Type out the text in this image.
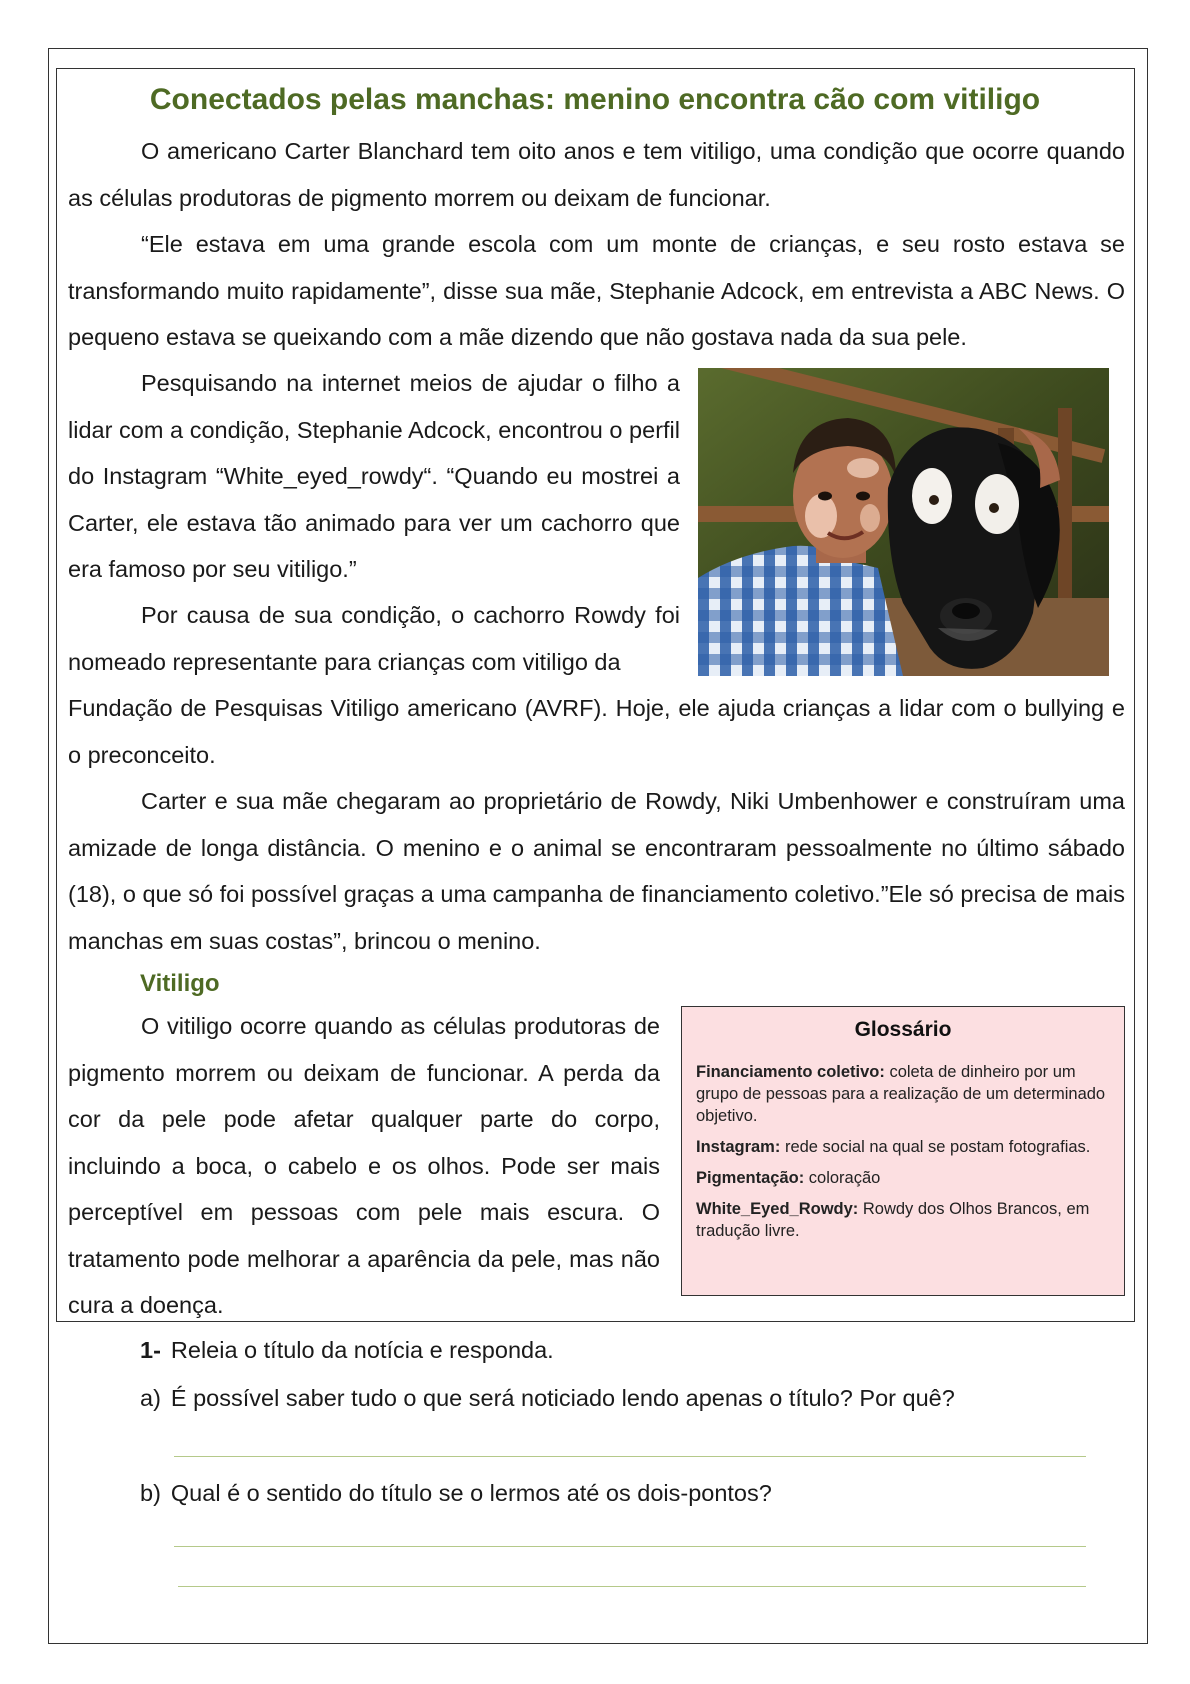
Conectados pelas manchas: menino encontra cão com vitiligo

O americano Carter Blanchard tem oito anos e tem vitiligo, uma condição que ocorre quando as células produtoras de pigmento morrem ou deixam de funcionar.

“Ele estava em uma grande escola com um monte de crianças, e seu rosto estava se transformando muito rapidamente”, disse sua mãe, Stephanie Adcock, em entrevista a ABC News. O pequeno estava se queixando com a mãe dizendo que não gostava nada da sua pele.

Pesquisando na internet meios de ajudar o filho a lidar com a condição, Stephanie Adcock, encontrou o perfil do Instagram “White_eyed_rowdy“. “Quando eu mostrei a Carter, ele estava tão animado para ver um cachorro que era famoso por seu vitiligo.”

Por causa de sua condição, o cachorro Rowdy foi nomeado representante para crianças com vitiligo da

Fundação de Pesquisas Vitiligo americano (AVRF). Hoje, ele ajuda crianças a lidar com o bullying e o preconceito.

Vitiligo

O vitiligo ocorre quando as células produtoras de pigmento morrem ou deixam de funcionar. A perda da cor da pele pode afetar qualquer parte do corpo, incluindo a boca, o cabelo e os olhos. Pode ser mais perceptível em pessoas com pele mais escura. O tratamento pode melhorar a aparência da pele, mas não cura a doença.

Carter e sua mãe chegaram ao proprietário de Rowdy, Niki Umbenhower e construíram uma amizade de longa distância. O menino e o animal se encontraram pessoalmente no último sábado (18), o que só foi possível graças a uma campanha de financiamento coletivo.”Ele só precisa de mais manchas em suas costas”, brincou o menino.

Glossário

Financiamento coletivo: coleta de dinheiro por um grupo de pessoas para a realização de um determinado objetivo.

Instagram: rede social na qual se postam fotografias.

Pigmentação: coloração

White_Eyed_Rowdy: Rowdy dos Olhos Brancos, em tradução livre.

1- Releia o título da notícia e responda.

a) É possível saber tudo o que será noticiado lendo apenas o título? Por quê?

b) Qual é o sentido do título se o lermos até os dois-pontos?
